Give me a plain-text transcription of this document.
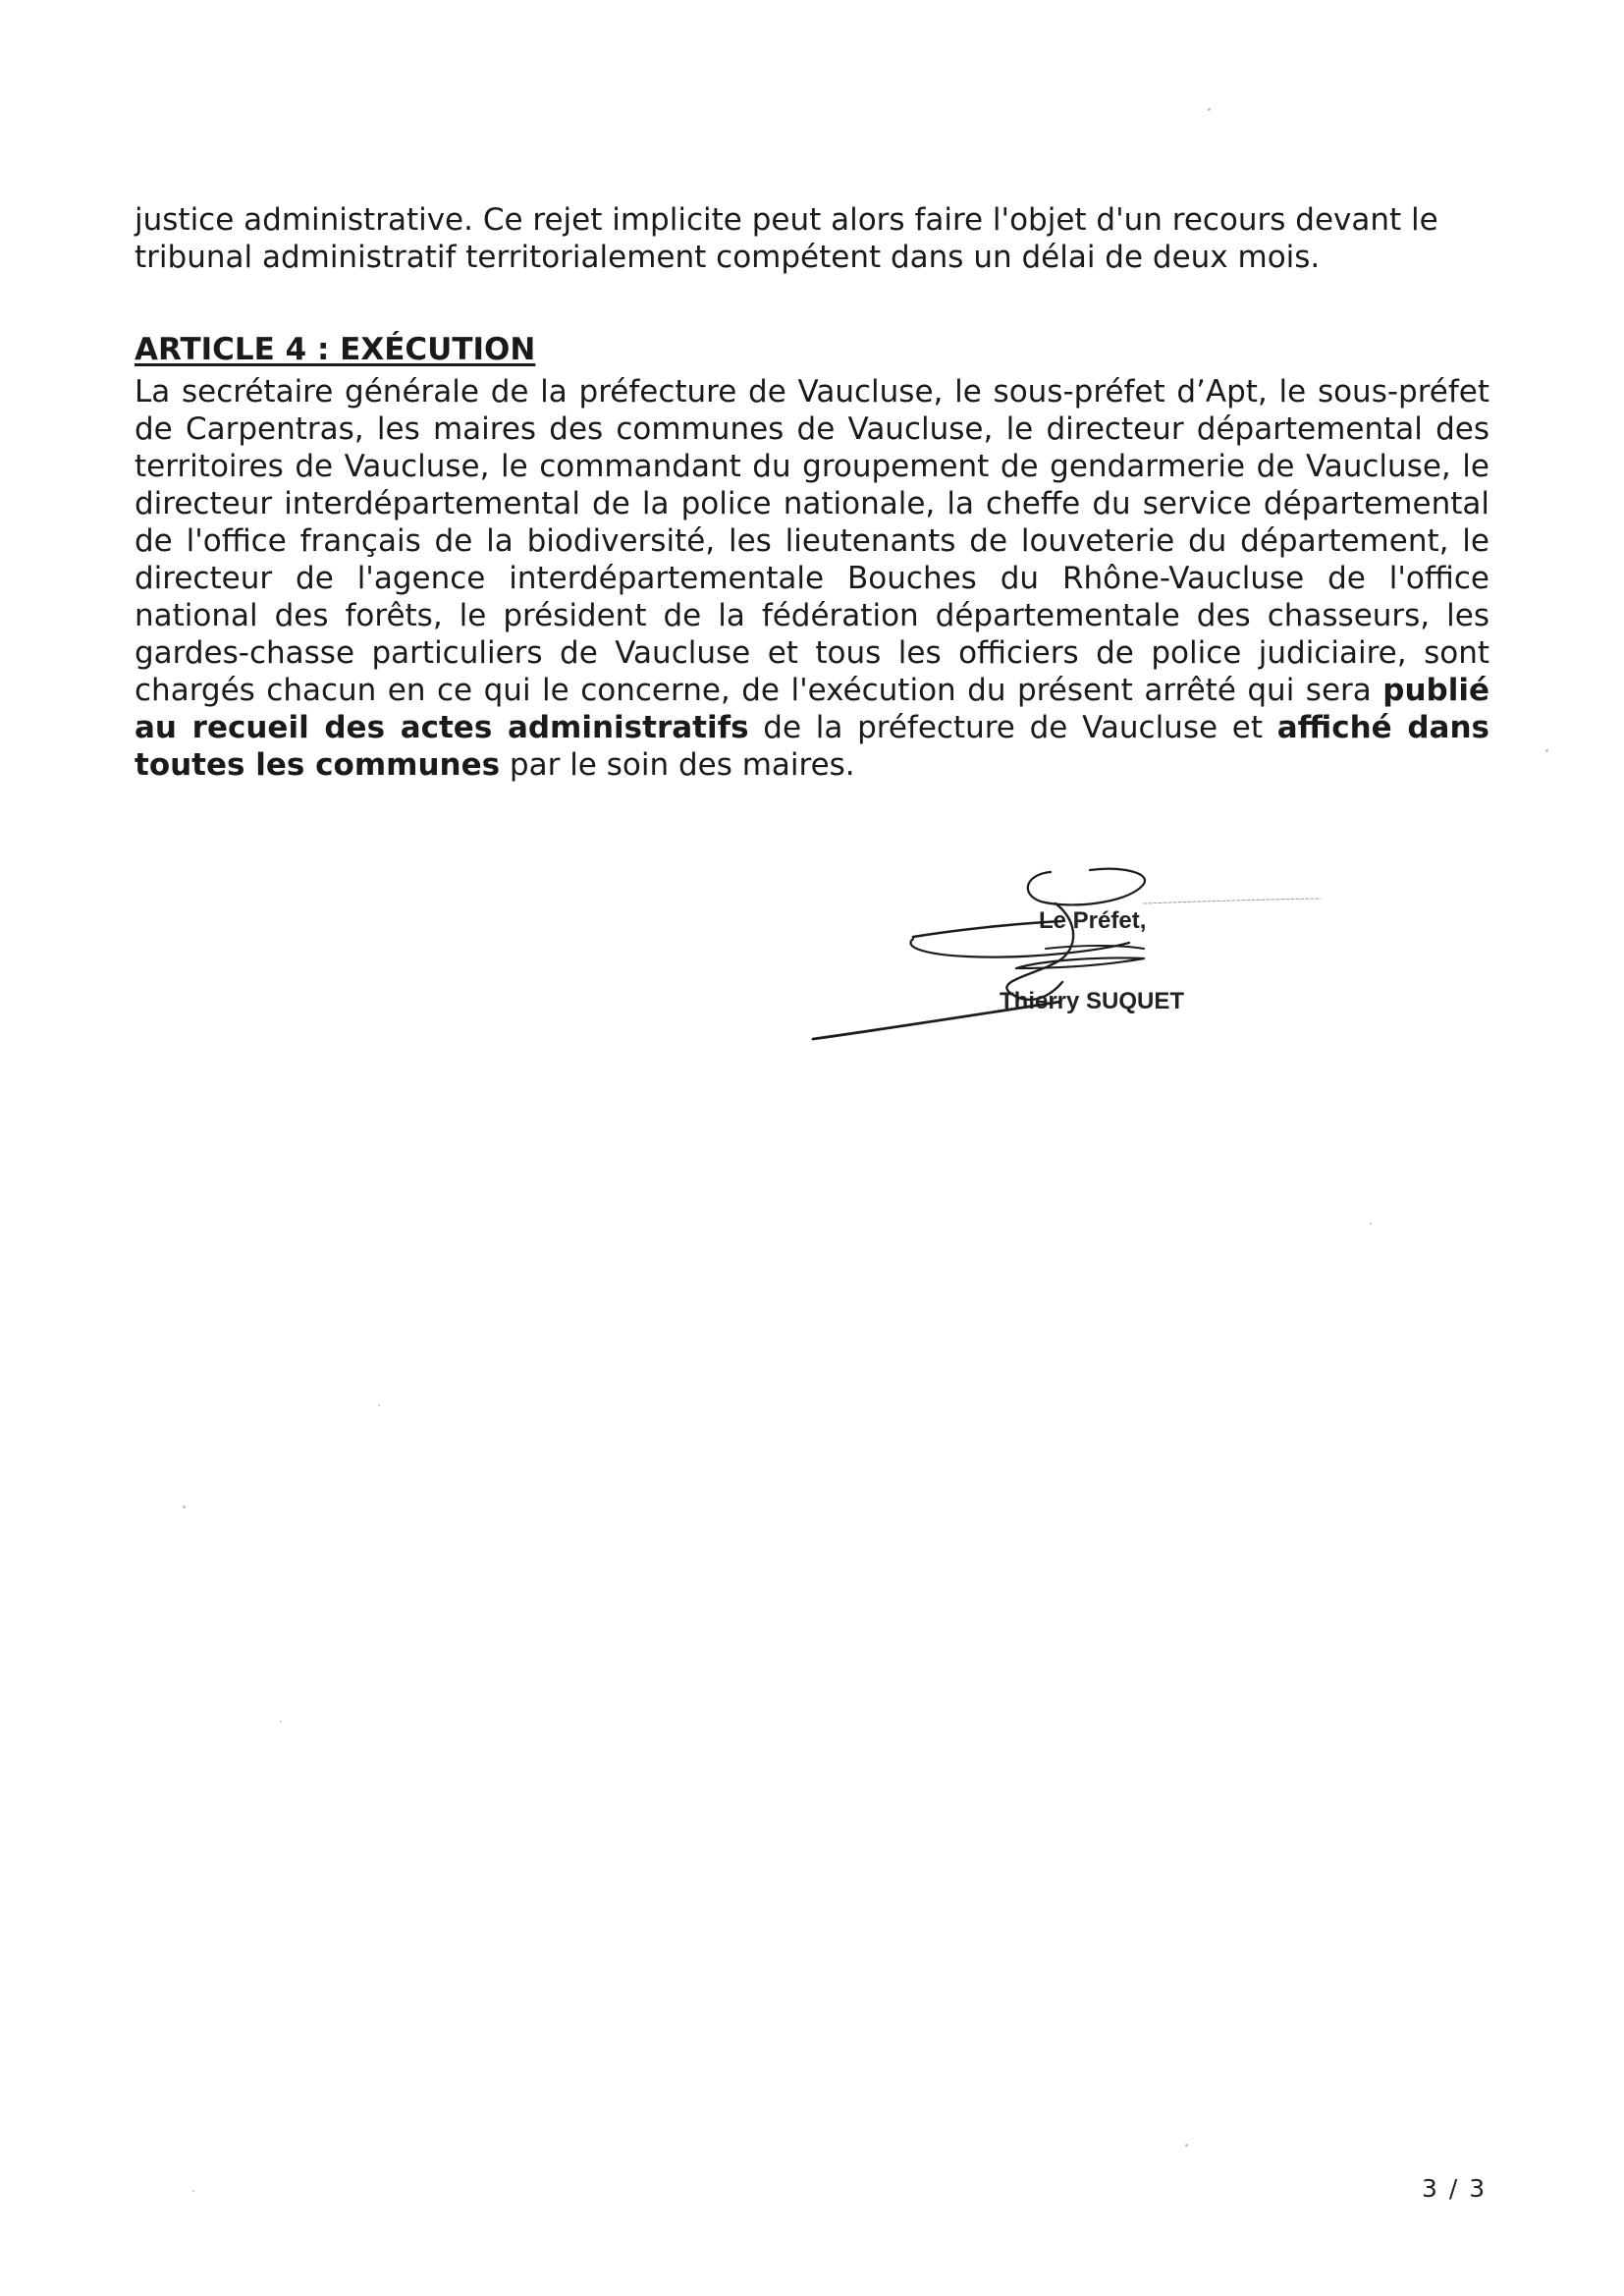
justice administrative. Ce rejet implicite peut alors faire l'objet d'un recours devant le tribunal administratif territorialement compétent dans un délai de deux mois.

ARTICLE 4 : EXÉCUTION

La secrétaire générale de la préfecture de Vaucluse, le sous-préfet d’Apt, le sous-préfet de Carpentras, les maires des communes de Vaucluse, le directeur départemental des territoires de Vaucluse, le commandant du groupement de gendarmerie de Vaucluse, le directeur interdépartemental de la police nationale, la cheffe du service départemental de l'office français de la biodiversité, les lieutenants de louveterie du département, le directeur de l'agence interdépartementale Bouches du Rhône-Vaucluse de l'office national des forêts, le président de la fédération départementale des chasseurs, les gardes-chasse particuliers de Vaucluse et tous les officiers de police judiciaire, sont chargés chacun en ce qui le concerne, de l'exécution du présent arrêté qui sera publié au recueil des actes administratifs de la préfecture de Vaucluse et affiché dans toutes les communes par le soin des maires.

Le Préfet,

Thierry SUQUET

3 / 3
